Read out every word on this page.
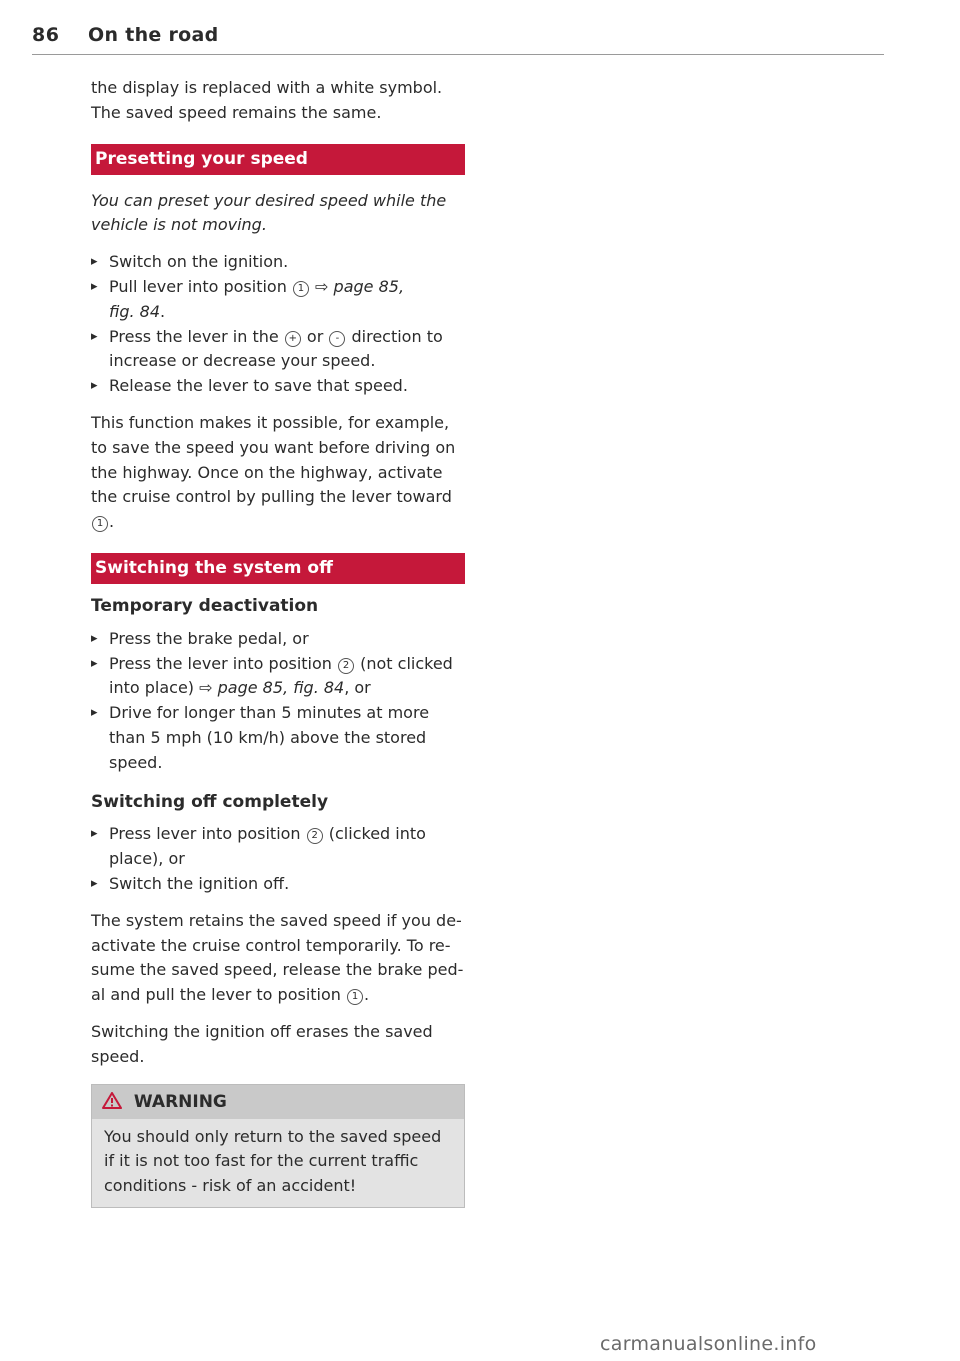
86 On the road

the display is replaced with a white symbol.
The saved speed remains the same.

Presetting your speed

You can preset your desired speed while the
vehicle is not moving.

▸ Switch on the ignition.
▸ Pull lever into position 1 ⇨ page 85,
fig. 84.
▸ Press the lever in the + or - direction to
increase or decrease your speed.
▸ Release the lever to save that speed.

This function makes it possible, for example,
to save the speed you want before driving on
the highway. Once on the highway, activate
the cruise control by pulling the lever toward
1 .

Switching the system off

Temporary deactivation

▸ Press the brake pedal, or
▸ Press the lever into position 2 (not clicked
into place) ⇨ page 85, fig. 84, or
▸ Drive for longer than 5 minutes at more
than 5 mph (10 km/h) above the stored
speed.

Switching off completely

▸ Press lever into position 2 (clicked into
place), or
▸ Switch the ignition off.

The system retains the saved speed if you de-
activate the cruise control temporarily. To re-
sume the saved speed, release the brake ped-
al and pull the lever to position 1 .

Switching the ignition off erases the saved
speed.

WARNING
You should only return to the saved speed
if it is not too fast for the current traffic
conditions - risk of an accident!
carmanualsonline.info
